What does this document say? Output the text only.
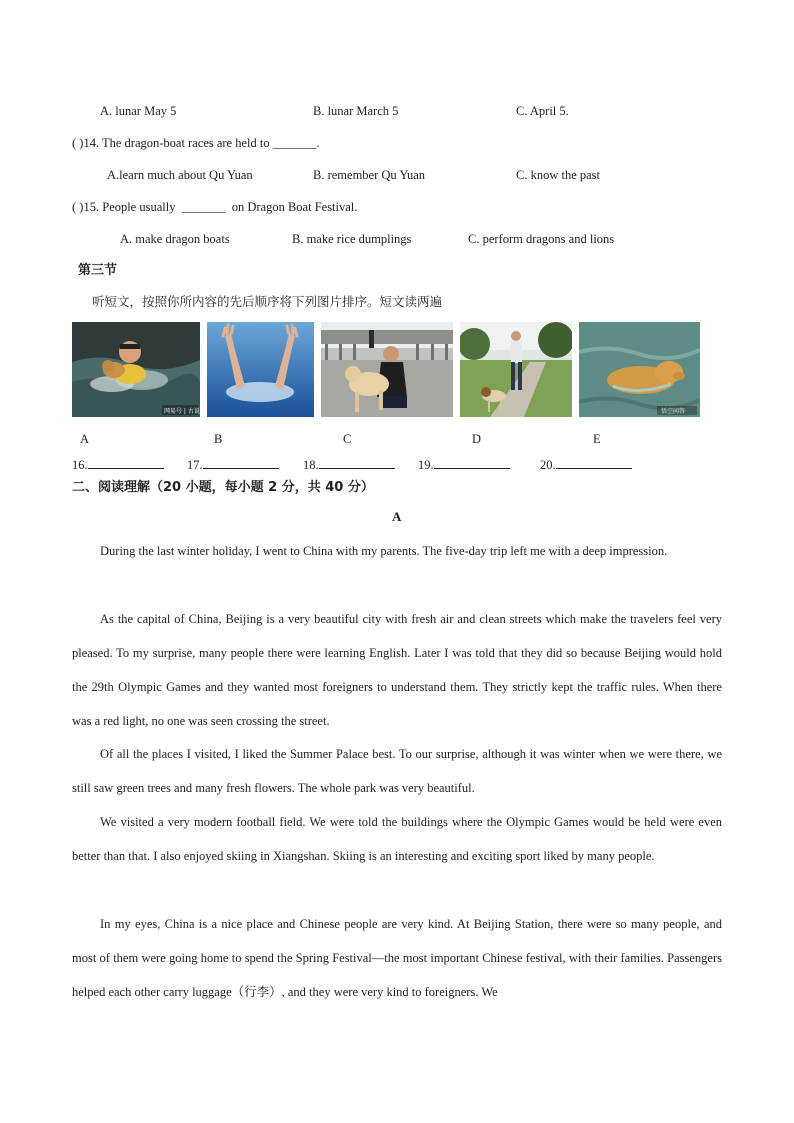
A. lunar May 5	B. lunar March 5	C. April 5.
( )14. The dragon-boat races are held to _______.
A.learn much about Qu Yuan	B. remember Qu Yuan	C. know the past
( )15. People usually _______ on Dragon Boat Festival.
A. make dragon boats	B. make rice dumplings	C. perform dragons and lions
第三节
听短文，按照你所内容的先后顺序将下列图片排序。短文读两遍
网易号 | 古说	悟空问答
A	B	C	D	E
16.	17.	18.	19.	20.
二、阅读理解（20 小题，每小题 2 分，共 40 分）
A
During the last winter holiday, I went to China with my parents. The five-day trip left me with a deep impression.
As the capital of China, Beijing is a very beautiful city with fresh air and clean streets which make the travelers feel very pleased. To my surprise, many people there were learning English. Later I was told that they did so because Beijing would hold the 29th Olympic Games and they wanted most foreigners to understand them. They strictly kept the traffic rules. When there was a red light, no one was seen crossing the street.
Of all the places I visited, I liked the Summer Palace best. To our surprise, although it was winter when we were there, we still saw green trees and many fresh flowers. The whole park was very beautiful.
We visited a very modern football field. We were told the buildings where the Olympic Games would be held were even better than that. I also enjoyed skiing in Xiangshan. Skiing is an interesting and exciting sport liked by many people.
In my eyes, China is a nice place and Chinese people are very kind. At Beijing Station, there were so many people, and most of them were going home to spend the Spring Festival—the most important Chinese festival, with their families. Passengers helped each other carry luggage（行李）, and they were very kind to foreigners. We
